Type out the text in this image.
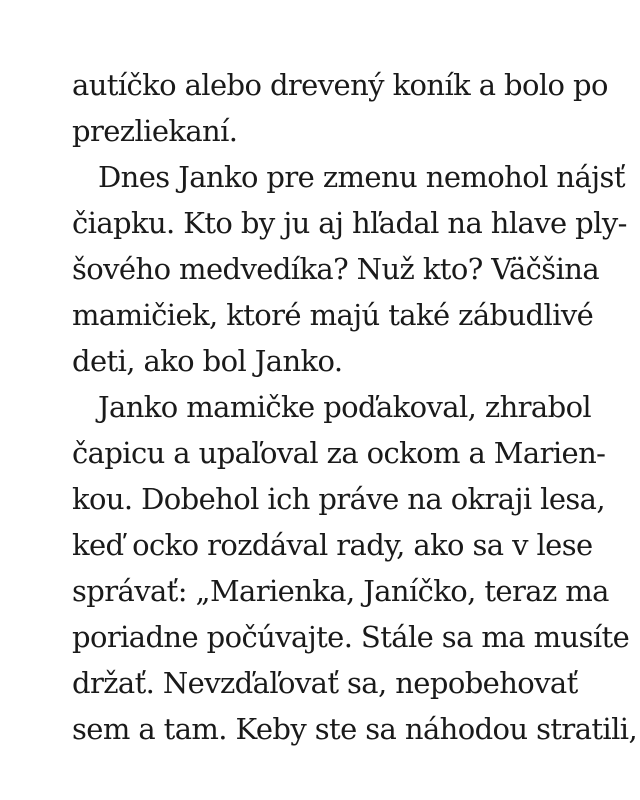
autíčko alebo drevený koník a bolo po
prezliekaní.
Dnes Janko pre zmenu nemohol nájsť
čiapku. Kto by ju aj hľadal na hlave ply-
šového medvedíka? Nuž kto? Väčšina
mamičiek, ktoré majú také zábudlivé
deti, ako bol Janko.
Janko mamičke poďakoval, zhrabol
čapicu a upaľoval za ockom a Marien-
kou. Dobehol ich práve na okraji lesa,
keď ocko rozdával rady, ako sa v lese
správať: „Marienka, Janíčko, teraz ma
poriadne počúvajte. Stále sa ma musíte
držať. Nevzďaľovať sa, nepobehovať
sem a tam. Keby ste sa náhodou stratili,
